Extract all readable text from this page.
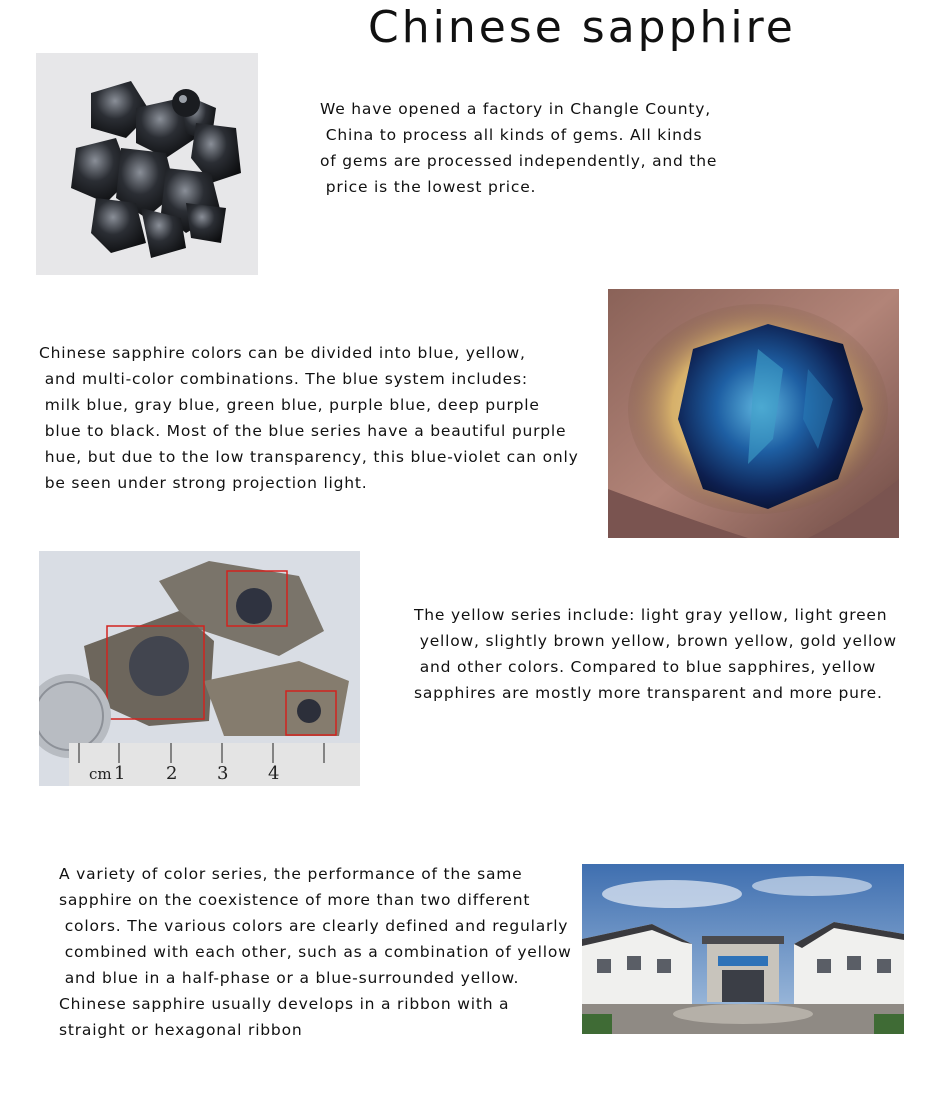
Chinese sapphire

We have opened a factory in Changle County,
China to process all kinds of gems. All kinds
of gems are processed independently, and the
price is the lowest price.

Chinese sapphire colors can be divided into blue, yellow,
and multi-color combinations. The blue system includes:
milk blue, gray blue, green blue, purple blue, deep purple
blue to black. Most of the blue series have a beautiful purple
hue, but due to the low transparency, this blue-violet can only
be seen under strong projection light.

cm 1 2 3 4

The yellow series include: light gray yellow, light green
yellow, slightly brown yellow, brown yellow, gold yellow
and other colors. Compared to blue sapphires, yellow
sapphires are mostly more transparent and more pure.

A variety of color series, the performance of the same
sapphire on the coexistence of more than two different
colors. The various colors are clearly defined and regularly
combined with each other, such as a combination of yellow
and blue in a half-phase or a blue-surrounded yellow.
Chinese sapphire usually develops in a ribbon with a
straight or hexagonal ribbon
